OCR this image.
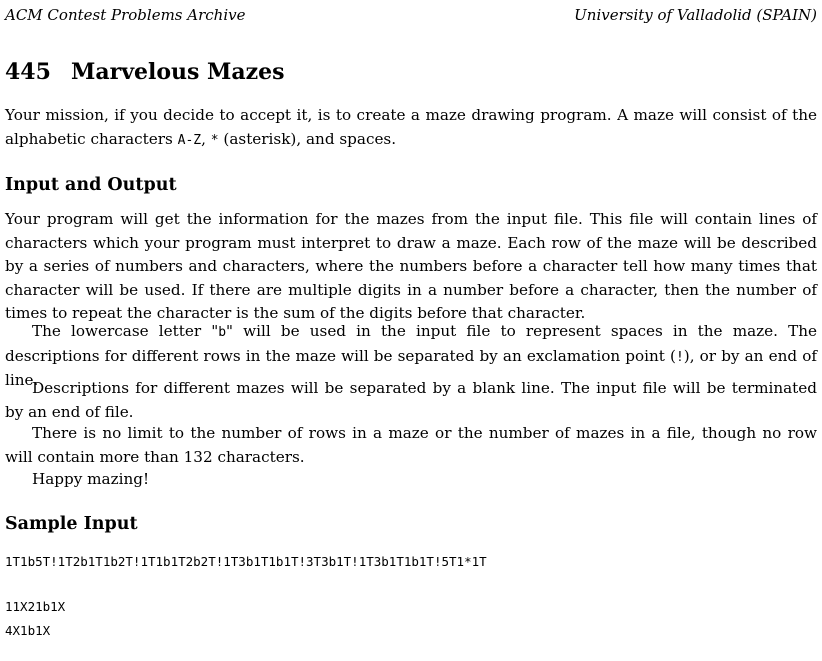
ACM Contest Problems Archive	University of Valladolid (SPAIN)
445 Marvelous Mazes
Your mission, if you decide to accept it, is to create a maze drawing program. A maze will consist of the alphabetic characters A-Z, * (asterisk), and spaces.
Input and Output
Your program will get the information for the mazes from the input file. This file will contain lines of characters which your program must interpret to draw a maze. Each row of the maze will be described by a series of numbers and characters, where the numbers before a character tell how many times that character will be used. If there are multiple digits in a number before a character, then the number of times to repeat the character is the sum of the digits before that character.
The lowercase letter "b" will be used in the input file to represent spaces in the maze. The descriptions for different rows in the maze will be separated by an exclamation point (!), or by an end of line.
Descriptions for different mazes will be separated by a blank line. The input file will be terminated by an end of file.
There is no limit to the number of rows in a maze or the number of mazes in a file, though no row will contain more than 132 characters.
Happy mazing!
Sample Input
1T1b5T!1T2b1T1b2T!1T1b1T2b2T!1T3b1T1b1T!3T3b1T!1T3b1T1b1T!5T1*1T
11X21b1X
4X1b1X
